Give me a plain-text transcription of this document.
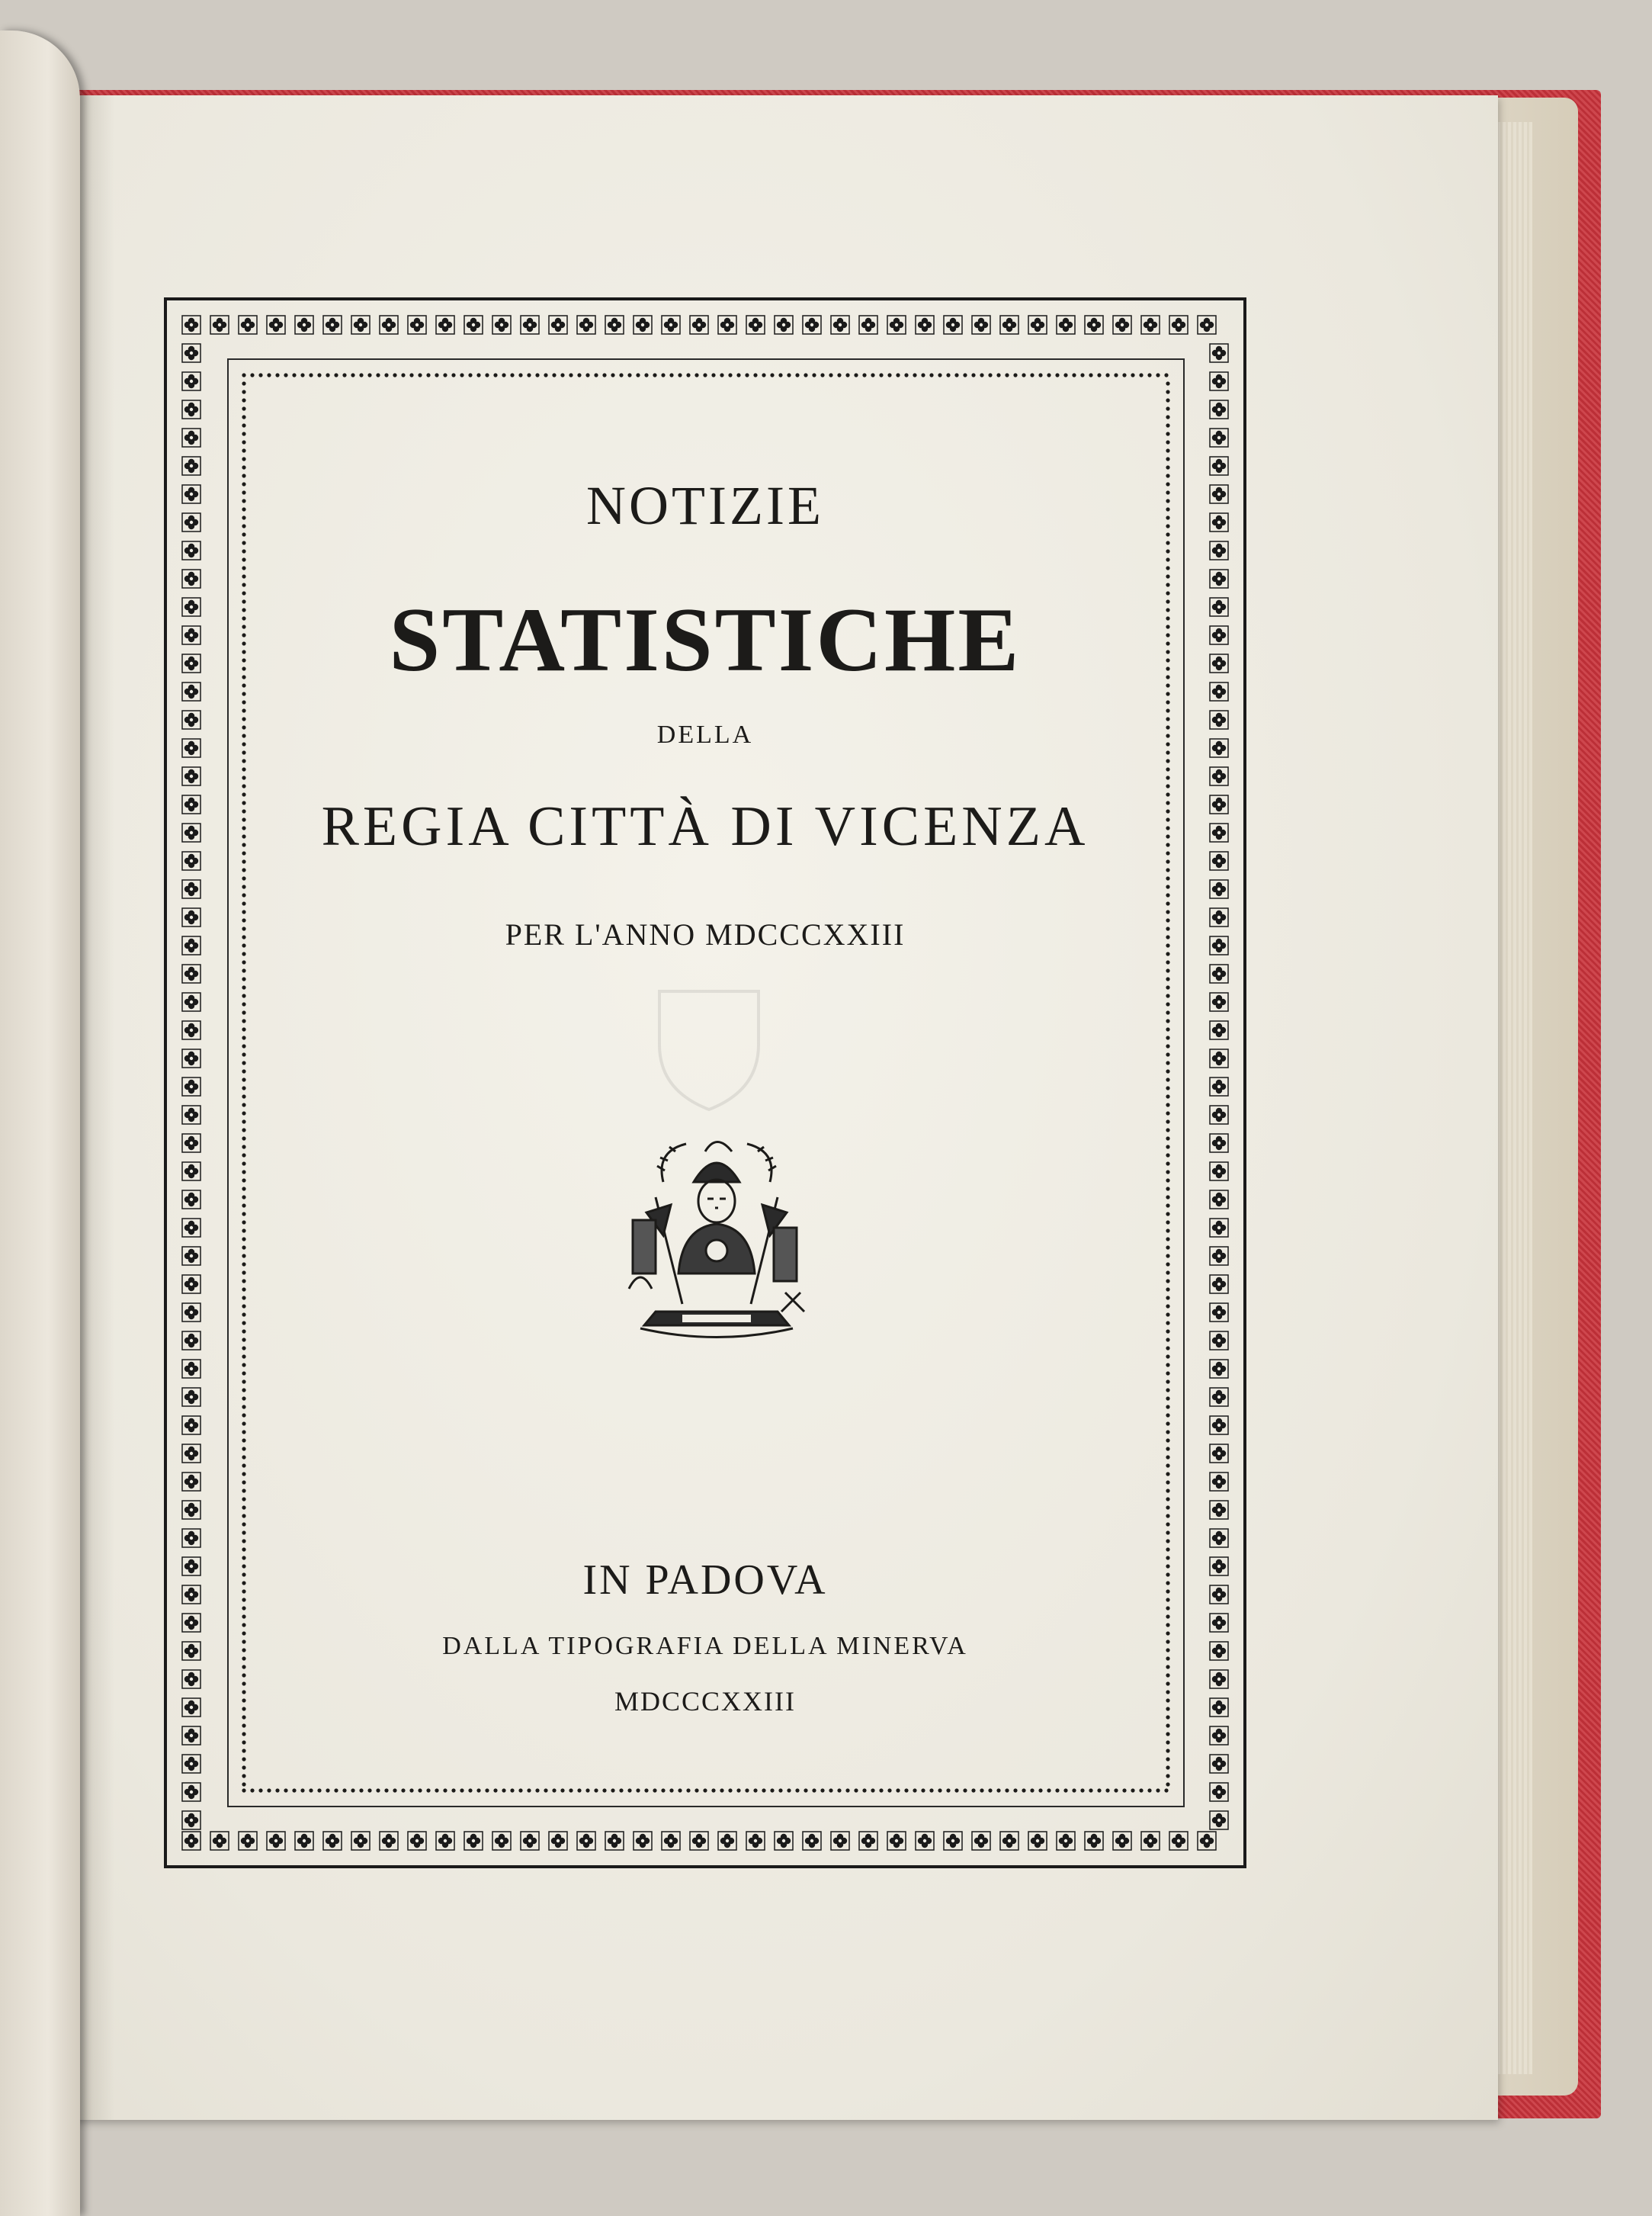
NOTIZIE
STATISTICHE
DELLA
REGIA CITTÀ DI VICENZA
PER L'ANNO MDCCCXXIII
IN PADOVA
DALLA TIPOGRAFIA DELLA MINERVA
MDCCCXXIII
